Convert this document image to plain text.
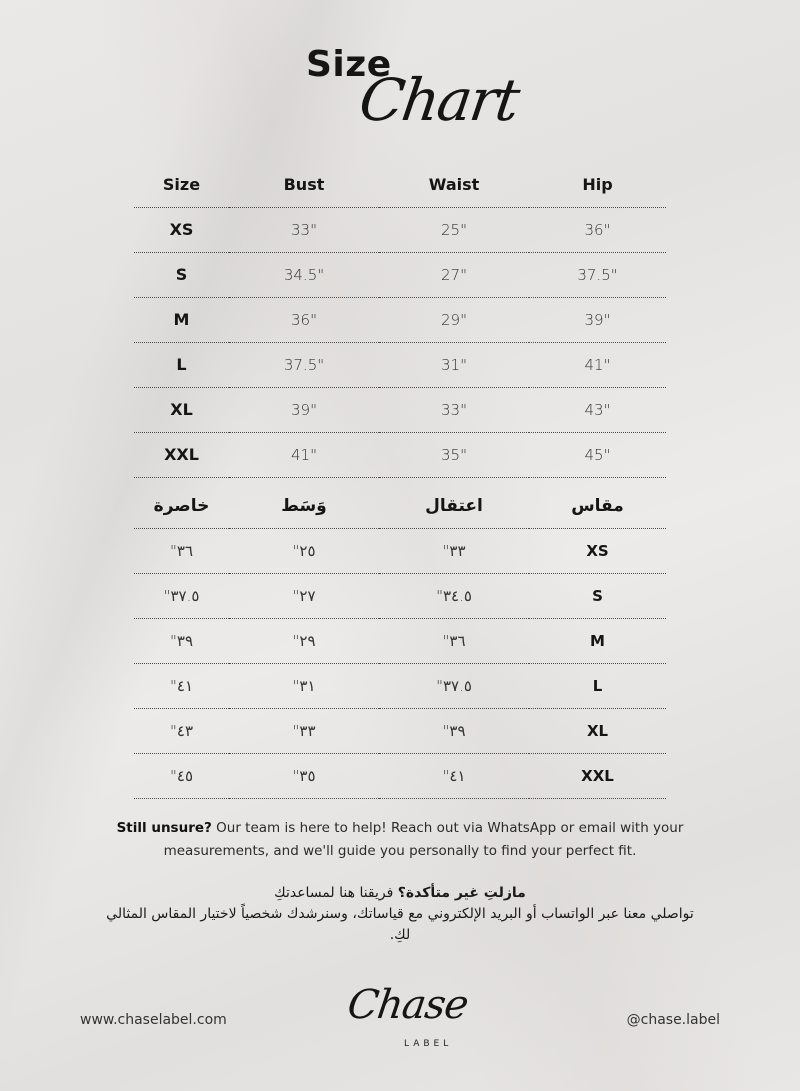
Size
Chart
Size	Bust	Waist	Hip
XS	33"	25"	36"
S	34.5"	27"	37.5"
M	36"	29"	39"
L	37.5"	31"	41"
XL	39"	33"	43"
XXL	41"	35"	45"
مقاس	اعتقال	وَسَط	خاصرة
XS	٣٣"	٢٥"	٣٦"
S	٣٤.٥"	٢٧"	٣٧.٥"
M	٣٦"	٢٩"	٣٩"
L	٣٧.٥"	٣١"	٤١"
XL	٣٩"	٣٣"	٤٣"
XXL	٤١"	٣٥"	٤٥"
Still unsure? Our team is here to help! Reach out via WhatsApp or email with your measurements, and we'll guide you personally to find your perfect fit.
مازلتِ غير متأكدة؟ فريقنا هنا لمساعدتكِ
تواصلي معنا عبر الواتساب أو البريد الإلكتروني مع قياساتك، وسنرشدك شخصياً لاختيار المقاس المثالي لكِ.
www.chaselabel.com	Chase
LABEL
@chase.label
